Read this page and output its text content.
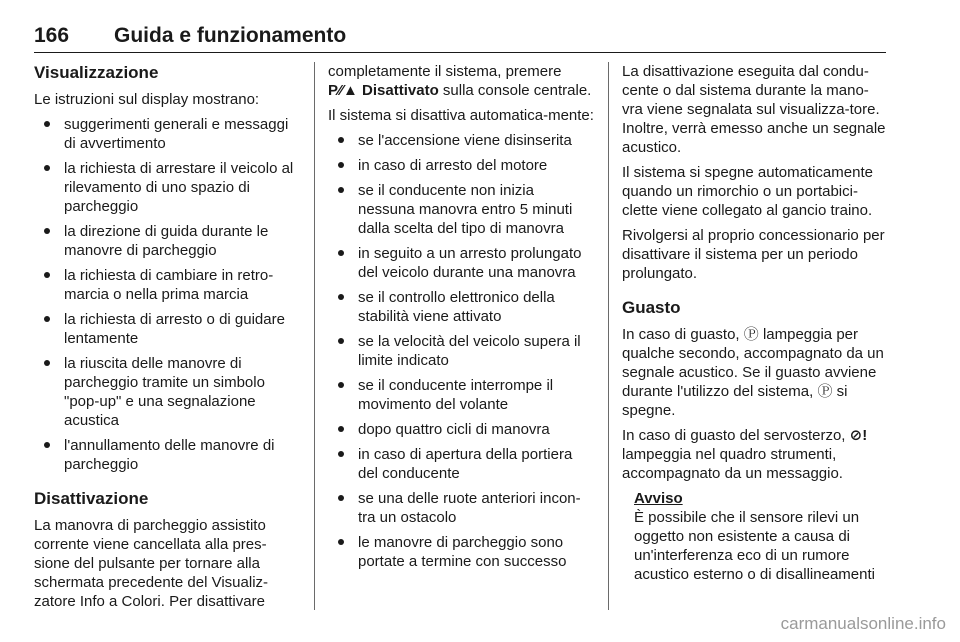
166 Guida e funzionamento
Visualizzazione

Le istruzioni sul display mostrano:

suggerimenti generali e messaggi di avvertimento
la richiesta di arrestare il veicolo al rilevamento di uno spazio di parcheggio
la direzione di guida durante le manovre di parcheggio
la richiesta di cambiare in retro-marcia o nella prima marcia
la richiesta di arresto o di guidare lentamente
la riuscita delle manovre di parcheggio tramite un simbolo "pop-up" e una segnalazione acustica
l'annullamento delle manovre di parcheggio
Disattivazione

La manovra di parcheggio assistito corrente viene cancellata alla pres-sione del pulsante per tornare alla schermata precedente del Visualiz-zatore Info a Colori. Per disattivare

completamente il sistema, premere
P⁄⁄▲ Disattivato sulla console centrale.

Il sistema si disattiva automatica-mente:

se l'accensione viene disinserita
in caso di arresto del motore
se il conducente non inizia nessuna manovra entro 5 minuti dalla scelta del tipo di manovra
in seguito a un arresto prolungato del veicolo durante una manovra
se il controllo elettronico della stabilità viene attivato
se la velocità del veicolo supera il limite indicato
se il conducente interrompe il movimento del volante
dopo quattro cicli di manovra
in caso di apertura della portiera del conducente
se una delle ruote anteriori incon-tra un ostacolo
le manovre di parcheggio sono portate a termine con successo

La disattivazione eseguita dal condu-cente o dal sistema durante la mano-vra viene segnalata sul visualizza-tore. Inoltre, verrà emesso anche un segnale acustico.

Il sistema si spegne automaticamente quando un rimorchio o un portabici-clette viene collegato al gancio traino.

Rivolgersi al proprio concessionario per disattivare il sistema per un periodo prolungato.

Guasto

In caso di guasto, Ⓟ lampeggia per qualche secondo, accompagnato da un segnale acustico. Se il guasto avviene durante l'utilizzo del sistema, Ⓟ si spegne.

In caso di guasto del servosterzo, ⊘! lampeggia nel quadro strumenti, accompagnato da un messaggio.

Avviso
È possibile che il sensore rilevi un oggetto non esistente a causa di un'interferenza eco di un rumore acustico esterno o di disallineamenti
carmanualsonline.info
